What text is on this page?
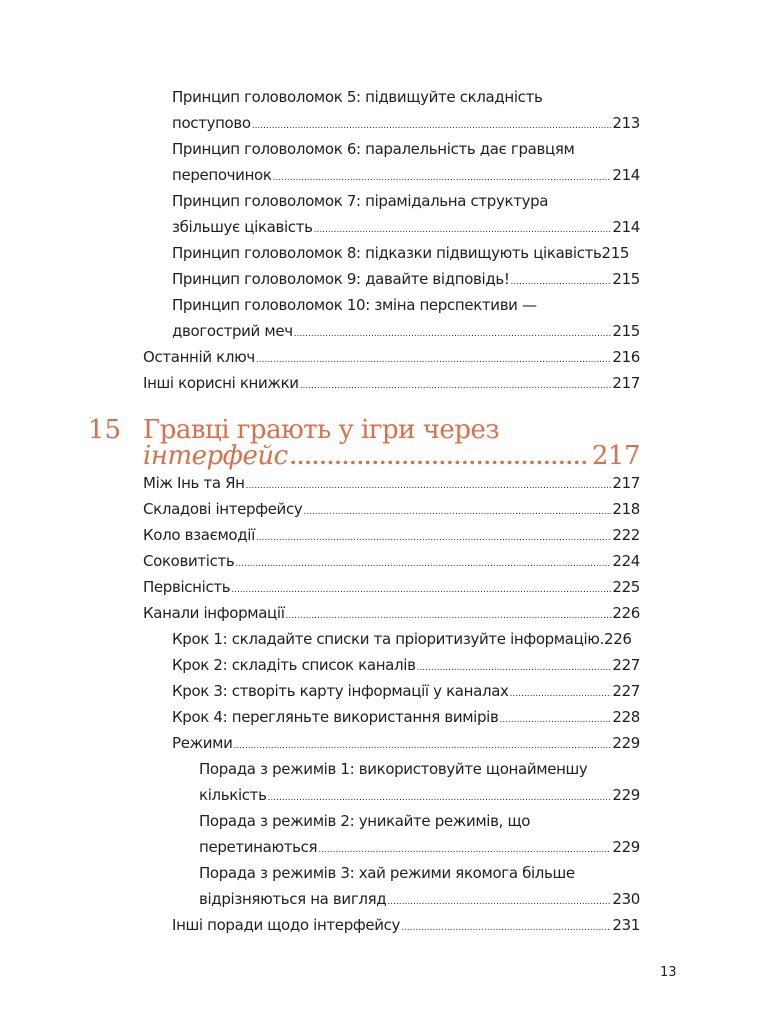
Принцип головоломок 5: підвищуйте складність
поступово .....	213
Принцип головоломок 6: паралельність дає гравцям
перепочинок .....	214
Принцип головоломок 7: пірамідальна структура
збільшує цікавість .....	214
Принцип головоломок 8: підказки підвищують цікавість 215
Принцип головоломок 9: давайте відповідь! .....	215
Принцип головоломок 10: зміна перспективи —
двогострий меч .....	215
Останній ключ .....	216
Інші корисні книжки .....	217
15 Гравці грають у ігри через
інтерфейс .....	217
Між Інь та Ян .....	217
Складові інтерфейсу .....	218
Коло взаємодії .....	222
Соковитість .....	224
Первісність .....	225
Канали інформації .....	226
Крок 1: складайте списки та пріоритизуйте інформацію. 226
Крок 2: складіть список каналів .....	227
Крок 3: створіть карту інформації у каналах .....	227
Крок 4: перегляньте використання вимірів .....	228
Режими .....	229
Порада з режимів 1: використовуйте щонайменшу
кількість .....	229
Порада з режимів 2: уникайте режимів, що
перетинаються .....	229
Порада з режимів 3: хай режими якомога більше
відрізняються на вигляд .....	230
Інші поради щодо інтерфейсу .....	231
13
